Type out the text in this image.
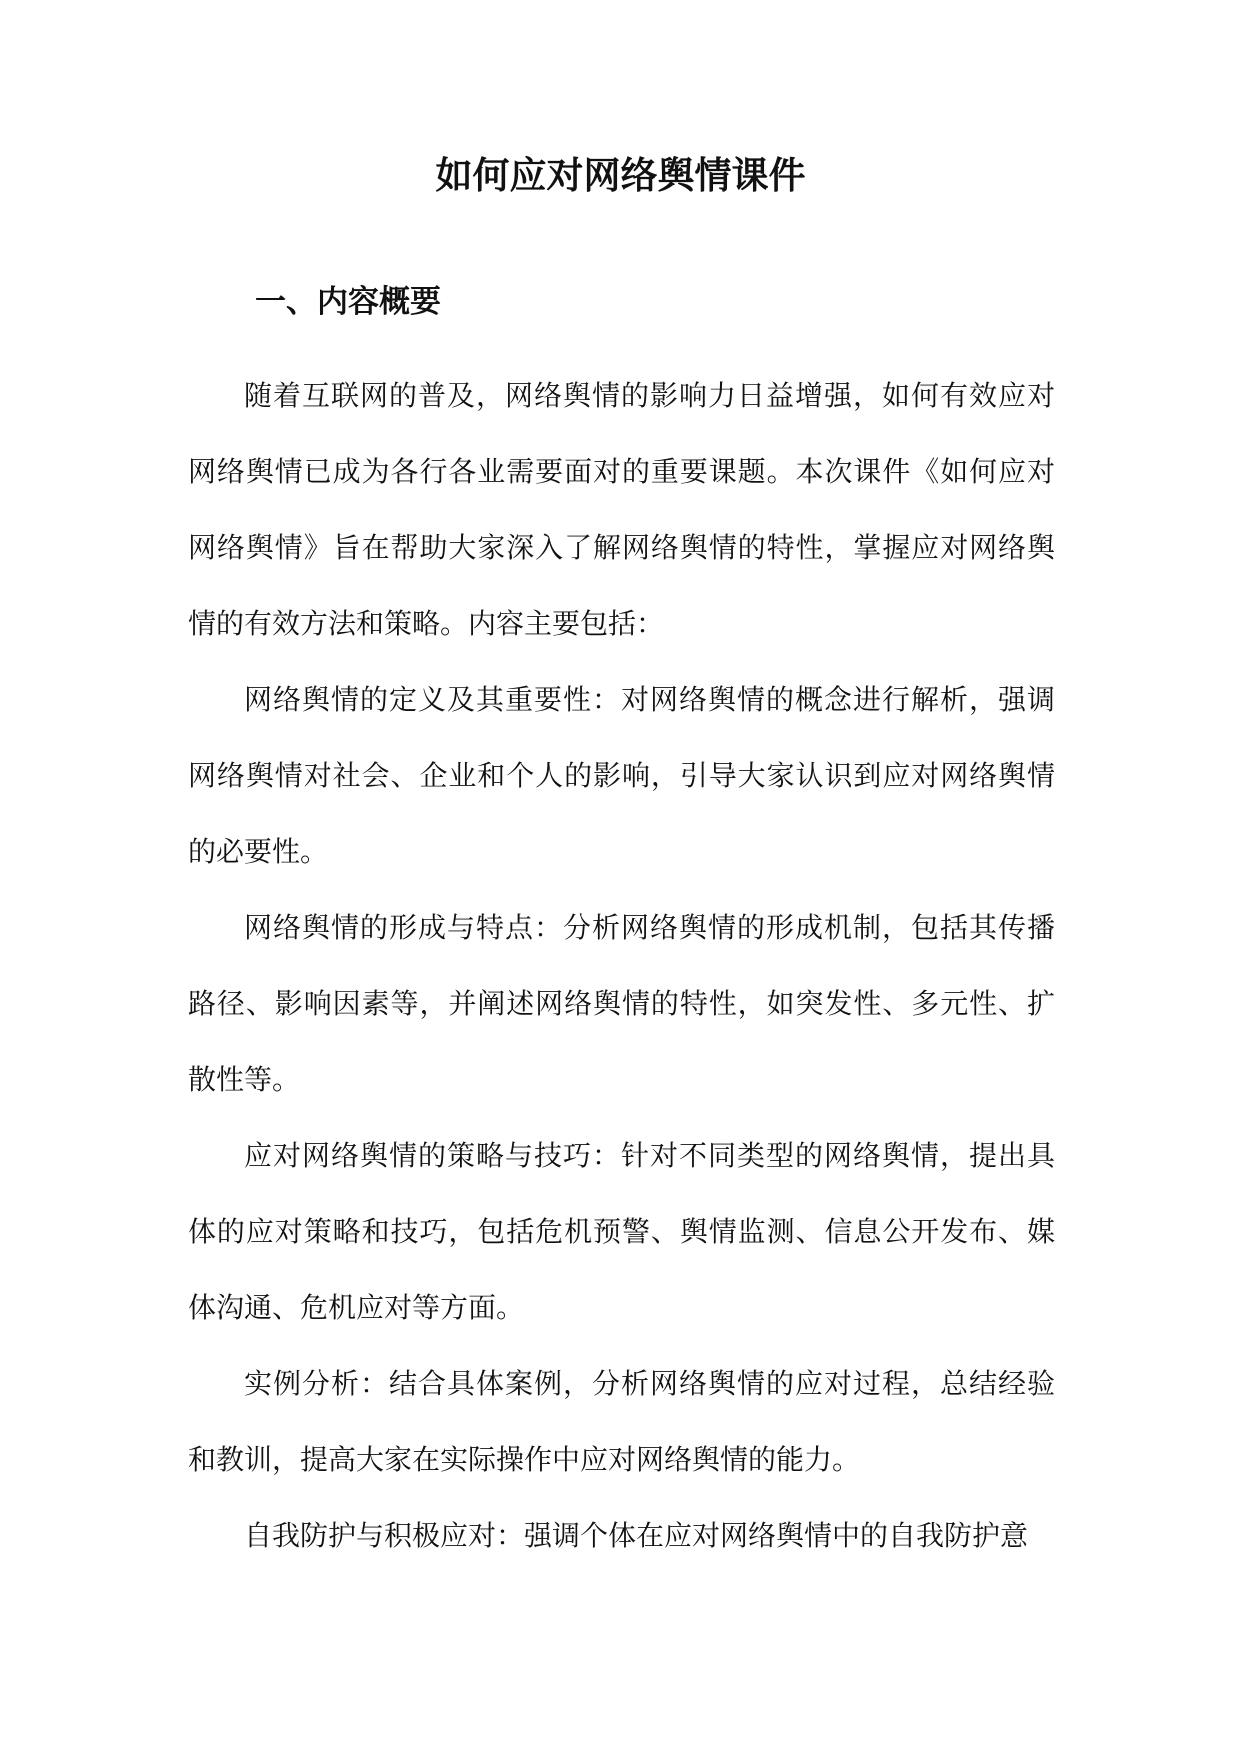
如何应对网络舆情课件
一、内容概要

随着互联网的普及，网络舆情的影响力日益增强，如何有效应对网络舆情已成为各行各业需要面对的重要课题。本次课件《如何应对网络舆情》旨在帮助大家深入了解网络舆情的特性，掌握应对网络舆情的有效方法和策略。内容主要包括：

网络舆情的定义及其重要性：对网络舆情的概念进行解析，强调网络舆情对社会、企业和个人的影响，引导大家认识到应对网络舆情的必要性。

网络舆情的形成与特点：分析网络舆情的形成机制，包括其传播路径、影响因素等，并阐述网络舆情的特性，如突发性、多元性、扩散性等。

应对网络舆情的策略与技巧：针对不同类型的网络舆情，提出具体的应对策略和技巧，包括危机预警、舆情监测、信息公开发布、媒体沟通、危机应对等方面。

实例分析：结合具体案例，分析网络舆情的应对过程，总结经验和教训，提高大家在实际操作中应对网络舆情的能力。

自我防护与积极应对：强调个体在应对网络舆情中的自我防护意
